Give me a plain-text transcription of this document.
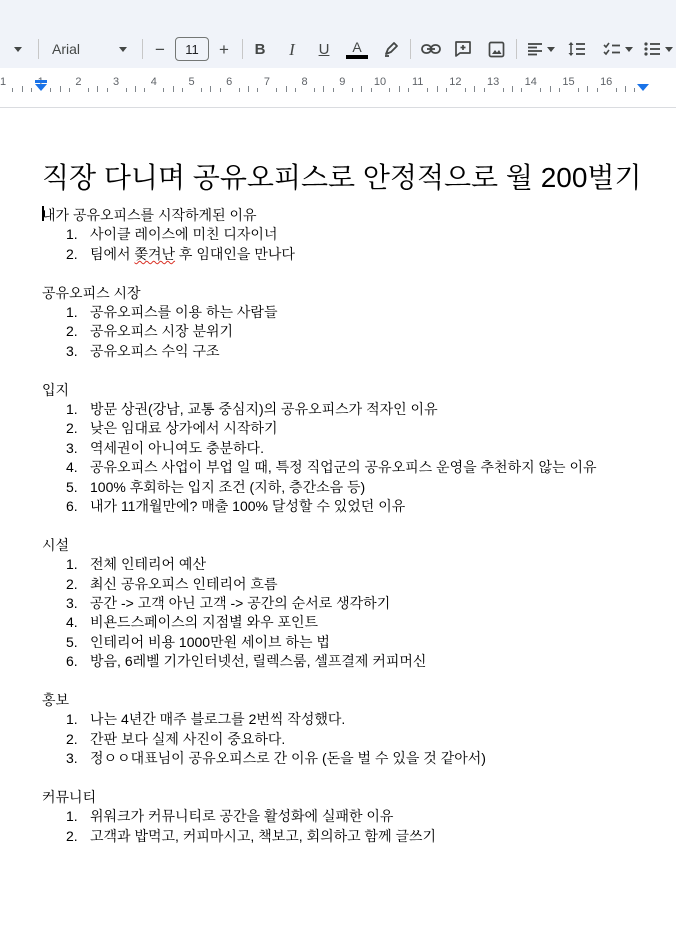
Arial	−	11	+ B I U A
1	2	3	4	5	6	7	8	9	10 11 12 13 14 15 16
직장 다니며 공유오피스로 안정적으로 월 200벌기
내가 공유오피스를 시작하게된 이유
1. 사이클 레이스에 미친 디자이너
2. 팀에서 쫒겨난 후 임대인을 만나다
공유오피스 시장
1. 공유오피스를 이용 하는 사람들
2. 공유오피스 시장 분위기
3. 공유오피스 수익 구조
입지
1. 방문 상권(강남, 교통 중심지)의 공유오피스가 적자인 이유
2. 낮은 임대료 상가에서 시작하기
3. 역세권이 아니여도 충분하다.
4. 공유오피스 사업이 부업 일 때, 특정 직업군의 공유오피스 운영을 추천하지 않는 이유
5. 100% 후회하는 입지 조건 (지하, 층간소음 등)
6. 내가 11개월만에? 매출 100% 달성할 수 있었던 이유
시설
1. 전체 인테리어 예산
2. 최신 공유오피스 인테리어 흐름
3. 공간 -> 고객 아닌 고객 -> 공간의 순서로 생각하기
4. 비욘드스페이스의 지점별 와우 포인트
5. 인테리어 비용 1000만원 세이브 하는 법
6. 방음, 6레벨 기가인터넷선, 릴렉스룸, 셀프결제 커피머신
홍보
1. 나는 4년간 매주 블로그를 2번씩 작성했다.
2. 간판 보다 실제 사진이 중요하다.
3. 정ㅇㅇ대표님이 공유오피스로 간 이유 (돈을 벌 수 있을 것 같아서)
커뮤니티
1. 위워크가 커뮤니티로 공간을 활성화에 실패한 이유
2. 고객과 밥먹고, 커피마시고, 책보고, 회의하고 함께 글쓰기
